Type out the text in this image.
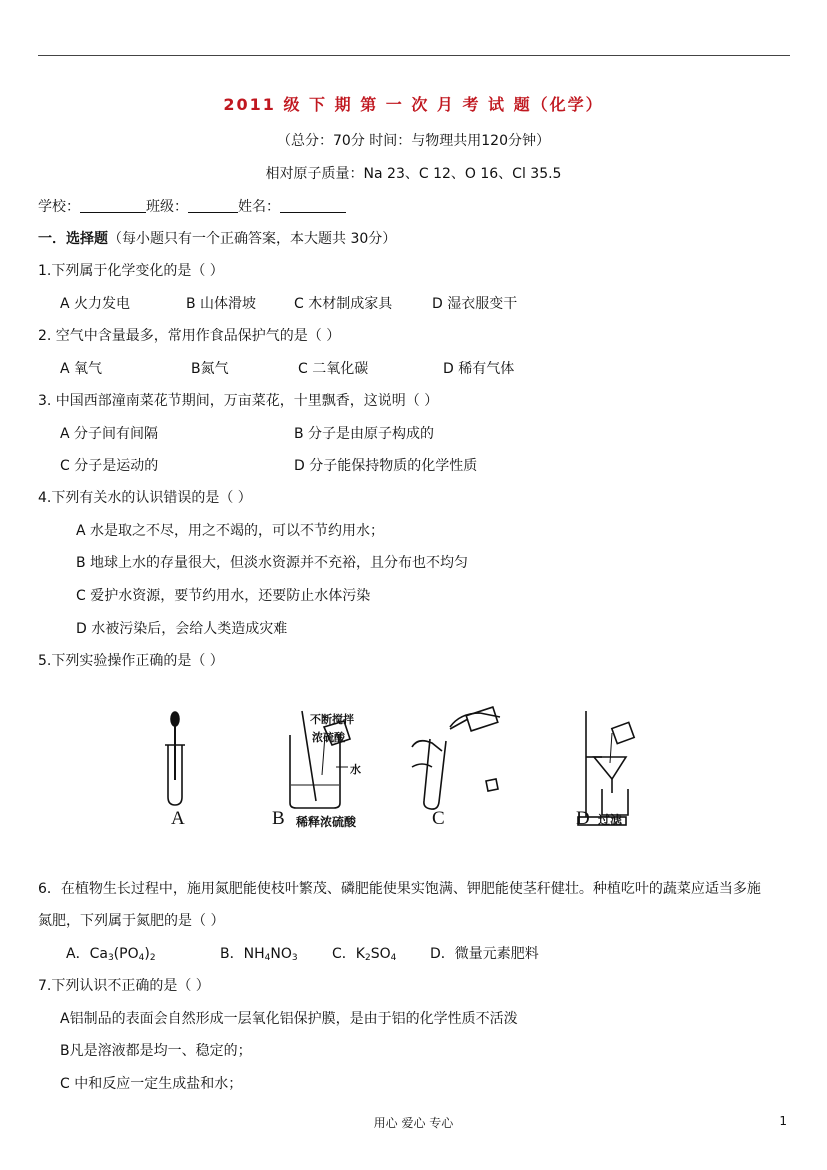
2011 级 下 期 第 一 次 月 考 试 题（化学）
（总分：70分 时间：与物理共用120分钟）
相对原子质量：Na 23、C 12、O 16、Cl 35.5
学校：	班级：	姓名：
一．选择题（每小题只有一个正确答案，本大题共 30分）
1.下列属于化学变化的是（ ）
A 火力发电	B 山体滑坡	C 木材制成家具	D 湿衣服变干
2. 空气中含量最多，常用作食品保护气的是（ ）
A 氧气	B氮气	C 二氧化碳	D 稀有气体
3. 中国西部潼南菜花节期间，万亩菜花，十里飘香，这说明（ ）
A 分子间有间隔	B 分子是由原子构成的
C 分子是运动的	D 分子能保持物质的化学性质
4.下列有关水的认识错误的是（ ）
A 水是取之不尽，用之不竭的，可以不节约用水；
B 地球上水的存量很大，但淡水资源并不充裕，且分布也不均匀
C 爱护水资源，要节约用水，还要防止水体污染
D 水被污染后，会给人类造成灾难
5.下列实验操作正确的是（ ）
A	B
不断搅拌
浓硫酸
水
稀释浓硫酸	C	D 过滤
6．在植物生长过程中，施用氮肥能使枝叶繁茂、磷肥能使果实饱满、钾肥能使茎秆健壮。种植吃叶的蔬菜应适当多施
氮肥，下列属于氮肥的是（ ）
A．$Ca_3(PO_4)_2$	B．$NH_4NO_3$ C．$K_2SO_4$ D．微量元素肥料
7.下列认识不正确的是（ ）
A铝制品的表面会自然形成一层氧化铝保护膜，是由于铝的化学性质不活泼
B凡是溶液都是均一、稳定的；
C 中和反应一定生成盐和水；
用心 爱心 专心	1
